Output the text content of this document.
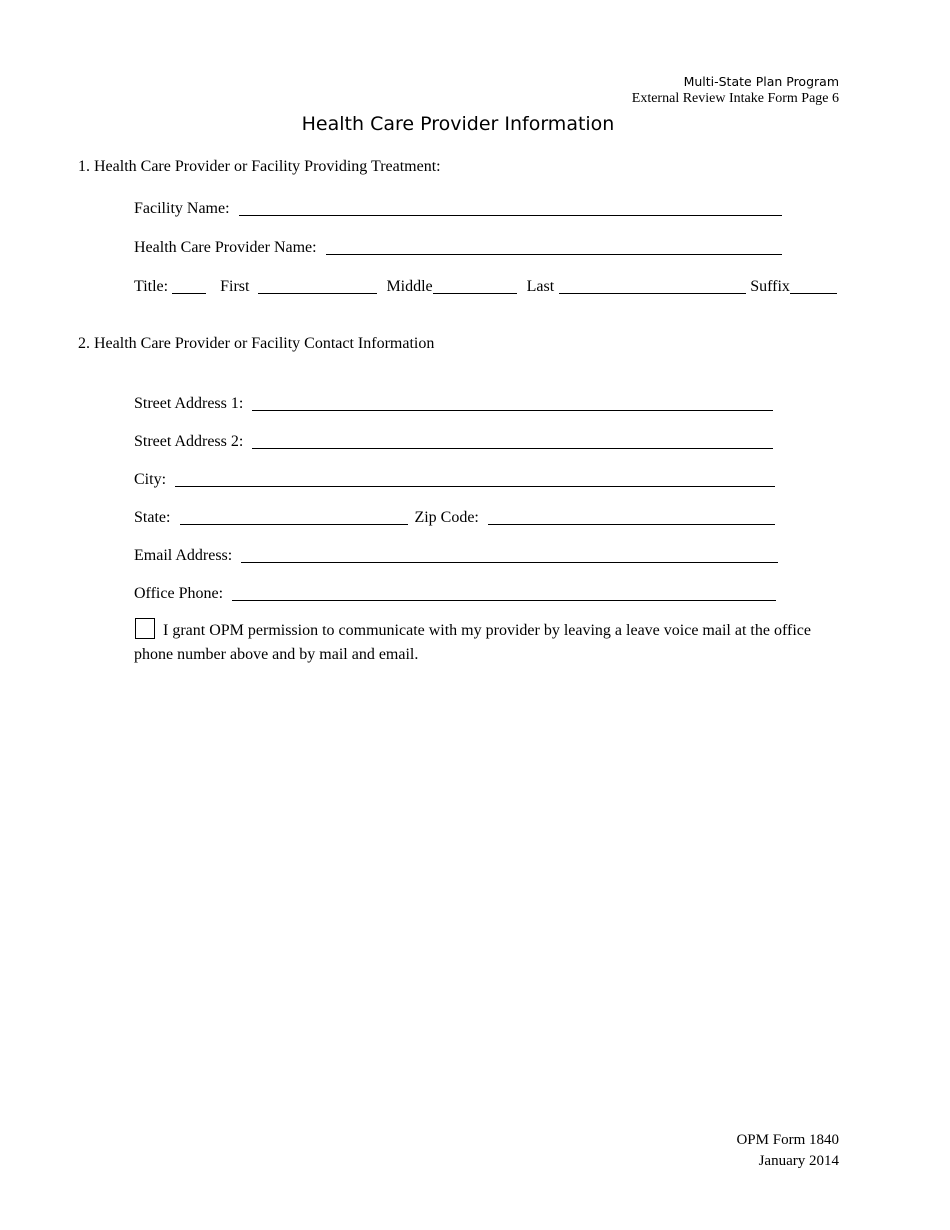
Multi-State Plan Program
External Review Intake Form Page 6
Health Care Provider Information
1. Health Care Provider or Facility Providing Treatment:
Facility Name:
Health Care Provider Name:
Title:	First	Middle	Last	Suffix
2. Health Care Provider or Facility Contact Information
Street Address 1:
Street Address 2:
City:
State:	Zip Code:
Email Address:
Office Phone:
I grant OPM permission to communicate with my provider by leaving a leave voice mail at the office phone number above and by mail and email.
OPM Form 1840
January 2014
